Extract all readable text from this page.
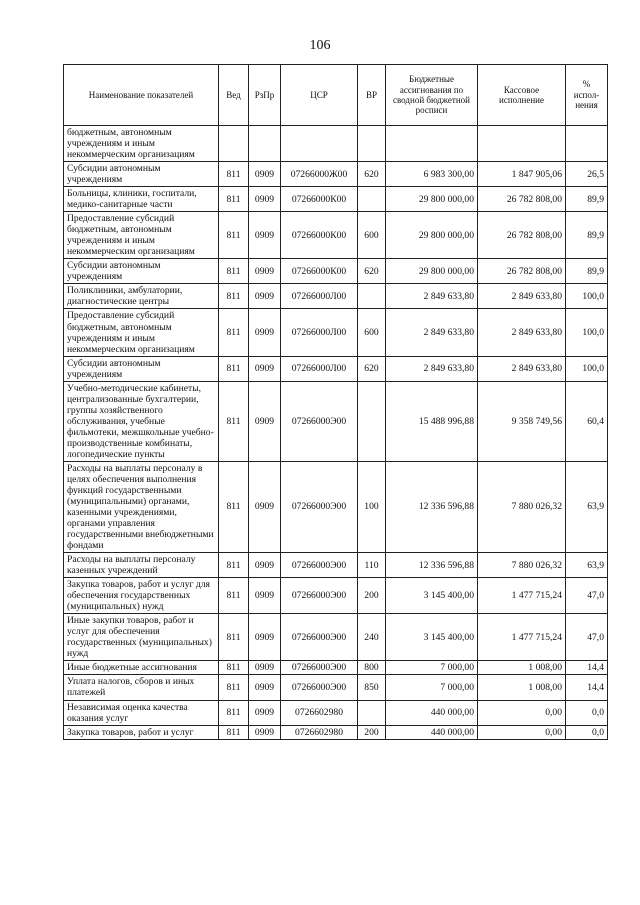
106
Наименование показателей	Вед	РзПр	ЦСР	ВР	Бюджетные ассигнования по сводной бюджетной росписи	Кассовое исполнение	% испол-нения
бюджетным, автономным учреждениям и иным некоммерческим организациям							
Субсидии автономным учреждениям	811	0909	07266000Ж00	620	6 983 300,00	1 847 905,06	26,5
Больницы, клиники, госпитали, медико-санитарные части	811	0909	07266000К00		29 800 000,00	26 782 808,00	89,9
Предоставление субсидий бюджетным, автономным учреждениям и иным некоммерческим организациям	811	0909	07266000К00	600	29 800 000,00	26 782 808,00	89,9
Субсидии автономным учреждениям	811	0909	07266000К00	620	29 800 000,00	26 782 808,00	89,9
Поликлиники, амбулатории, диагностические центры	811	0909	07266000Л00		2 849 633,80	2 849 633,80	100,0
Предоставление субсидий бюджетным, автономным учреждениям и иным некоммерческим организациям	811	0909	07266000Л00	600	2 849 633,80	2 849 633,80	100,0
Субсидии автономным учреждениям	811	0909	07266000Л00	620	2 849 633,80	2 849 633,80	100,0
Учебно-методические кабинеты, централизованные бухгалтерии, группы хозяйственного обслуживания, учебные фильмотеки, межшкольные учебно-производственные комбинаты, логопедические пункты	811	0909	07266000Э00		15 488 996,88	9 358 749,56	60,4
Расходы на выплаты персоналу в целях обеспечения выполнения функций государственными (муниципальными) органами, казенными учреждениями, органами управления государственными внебюджетными фондами	811	0909	07266000Э00	100	12 336 596,88	7 880 026,32	63,9
Расходы на выплаты персоналу казенных учреждений	811	0909	07266000Э00	110	12 336 596,88	7 880 026,32	63,9
Закупка товаров, работ и услуг для обеспечения государственных (муниципальных) нужд	811	0909	07266000Э00	200	3 145 400,00	1 477 715,24	47,0
Иные закупки товаров, работ и услуг для обеспечения государственных (муниципальных) нужд	811	0909	07266000Э00	240	3 145 400,00	1 477 715,24	47,0
Иные бюджетные ассигнования	811	0909	07266000Э00	800	7 000,00	1 008,00	14,4
Уплата налогов, сборов и иных платежей	811	0909	07266000Э00	850	7 000,00	1 008,00	14,4
Независимая оценка качества оказания услуг	811	0909	0726602980		440 000,00	0,00	0,0
Закупка товаров, работ и услуг	811	0909	0726602980	200	440 000,00	0,00	0,0
